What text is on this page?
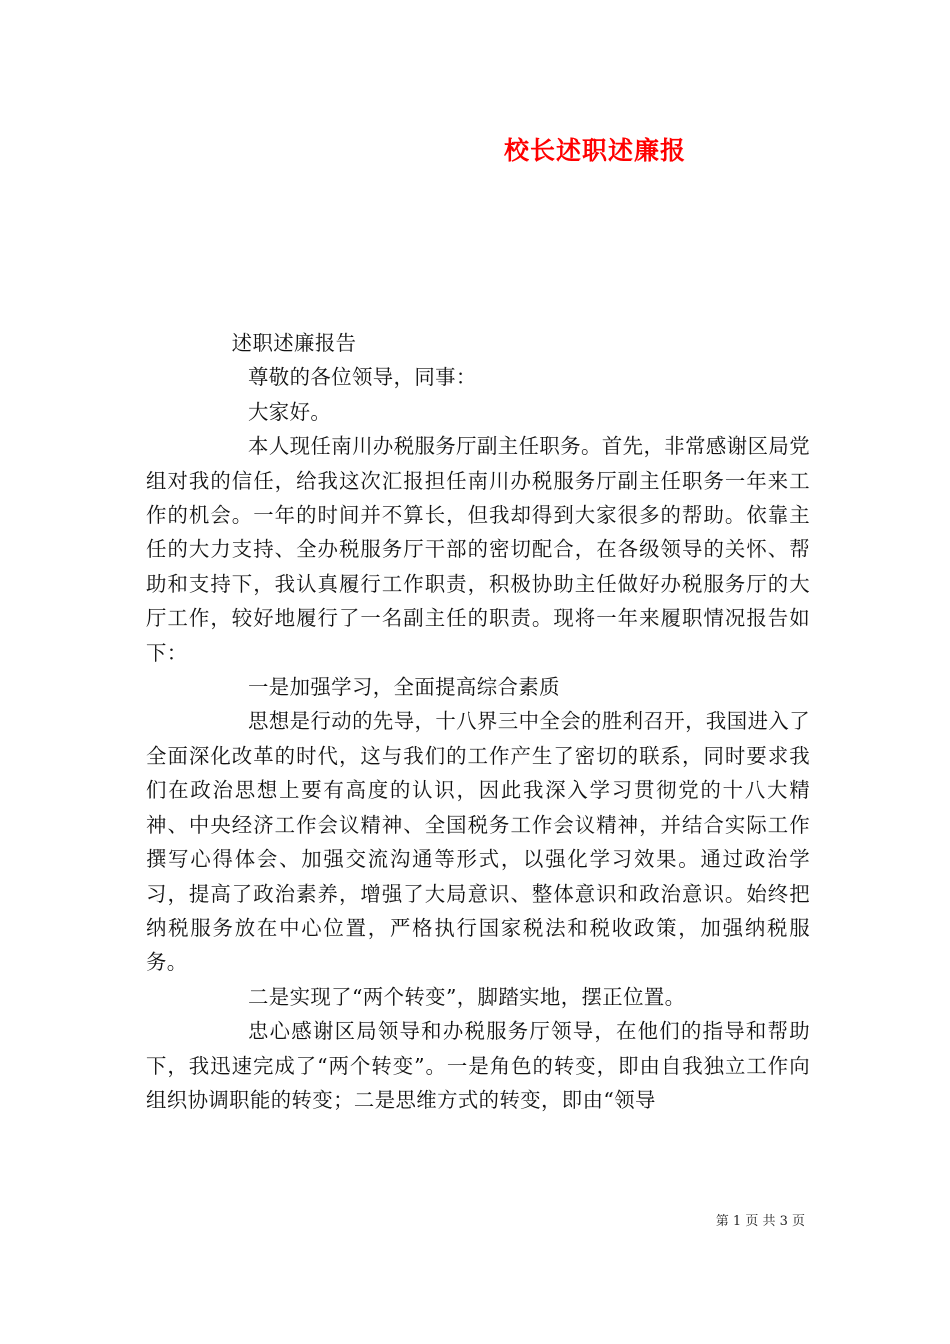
校长述职述廉报

述职述廉报告

尊敬的各位领导，同事：

大家好。

本人现任南川办税服务厅副主任职务。首先，非常感谢区局党组对我的信任，给我这次汇报担任南川办税服务厅副主任职务一年来工作的机会。一年的时间并不算长，但我却得到大家很多的帮助。依靠主任的大力支持、全办税服务厅干部的密切配合，在各级领导的关怀、帮助和支持下，我认真履行工作职责，积极协助主任做好办税服务厅的大厅工作，较好地履行了一名副主任的职责。现将一年来履职情况报告如下：

一是加强学习，全面提高综合素质

思想是行动的先导，十八界三中全会的胜利召开，我国进入了全面深化改革的时代，这与我们的工作产生了密切的联系，同时要求我们在政治思想上要有高度的认识，因此我深入学习贯彻党的十八大精神、中央经济工作会议精神、全国税务工作会议精神，并结合实际工作撰写心得体会、加强交流沟通等形式，以强化学习效果。通过政治学习，提高了政治素养，增强了大局意识、整体意识和政治意识。始终把纳税服务放在中心位置，严格执行国家税法和税收政策，加强纳税服务。

二是实现了“两个转变”，脚踏实地，摆正位置。

忠心感谢区局领导和办税服务厅领导，在他们的指导和帮助下，我迅速完成了“两个转变”。一是角色的转变，即由自我独立工作向组织协调职能的转变；二是思维方式的转变，即由“领导

第 1 页 共 3 页
